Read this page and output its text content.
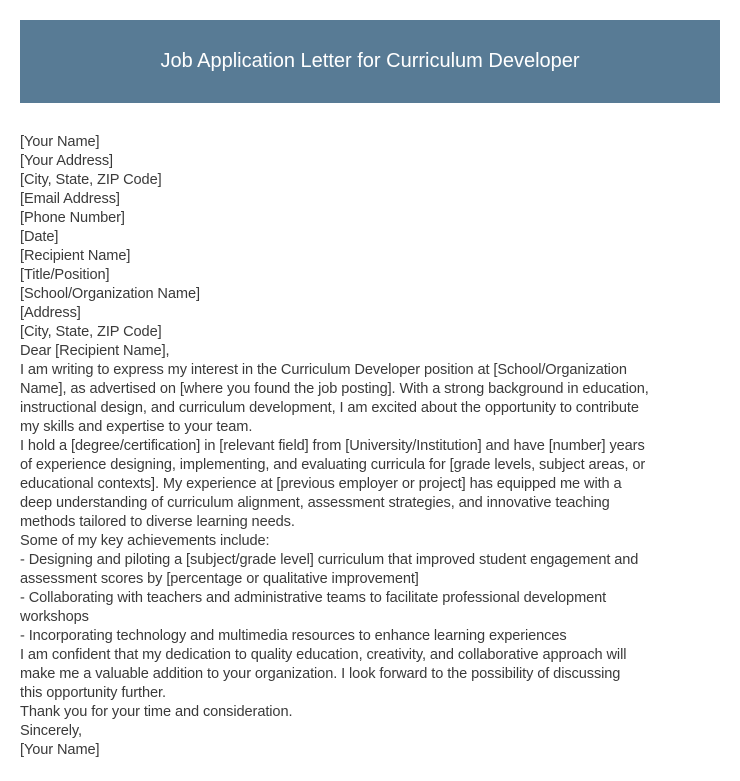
Job Application Letter for Curriculum Developer
[Your Name]
[Your Address]
[City, State, ZIP Code]
[Email Address]
[Phone Number]
[Date]
[Recipient Name]
[Title/Position]
[School/Organization Name]
[Address]
[City, State, ZIP Code]
Dear [Recipient Name],
I am writing to express my interest in the Curriculum Developer position at [School/Organization
Name], as advertised on [where you found the job posting]. With a strong background in education,
instructional design, and curriculum development, I am excited about the opportunity to contribute
my skills and expertise to your team.
I hold a [degree/certification] in [relevant field] from [University/Institution] and have [number] years
of experience designing, implementing, and evaluating curricula for [grade levels, subject areas, or
educational contexts]. My experience at [previous employer or project] has equipped me with a
deep understanding of curriculum alignment, assessment strategies, and innovative teaching
methods tailored to diverse learning needs.
Some of my key achievements include:
- Designing and piloting a [subject/grade level] curriculum that improved student engagement and
assessment scores by [percentage or qualitative improvement]
- Collaborating with teachers and administrative teams to facilitate professional development
workshops
- Incorporating technology and multimedia resources to enhance learning experiences
I am confident that my dedication to quality education, creativity, and collaborative approach will
make me a valuable addition to your organization. I look forward to the possibility of discussing
this opportunity further.
Thank you for your time and consideration.
Sincerely,
[Your Name]
